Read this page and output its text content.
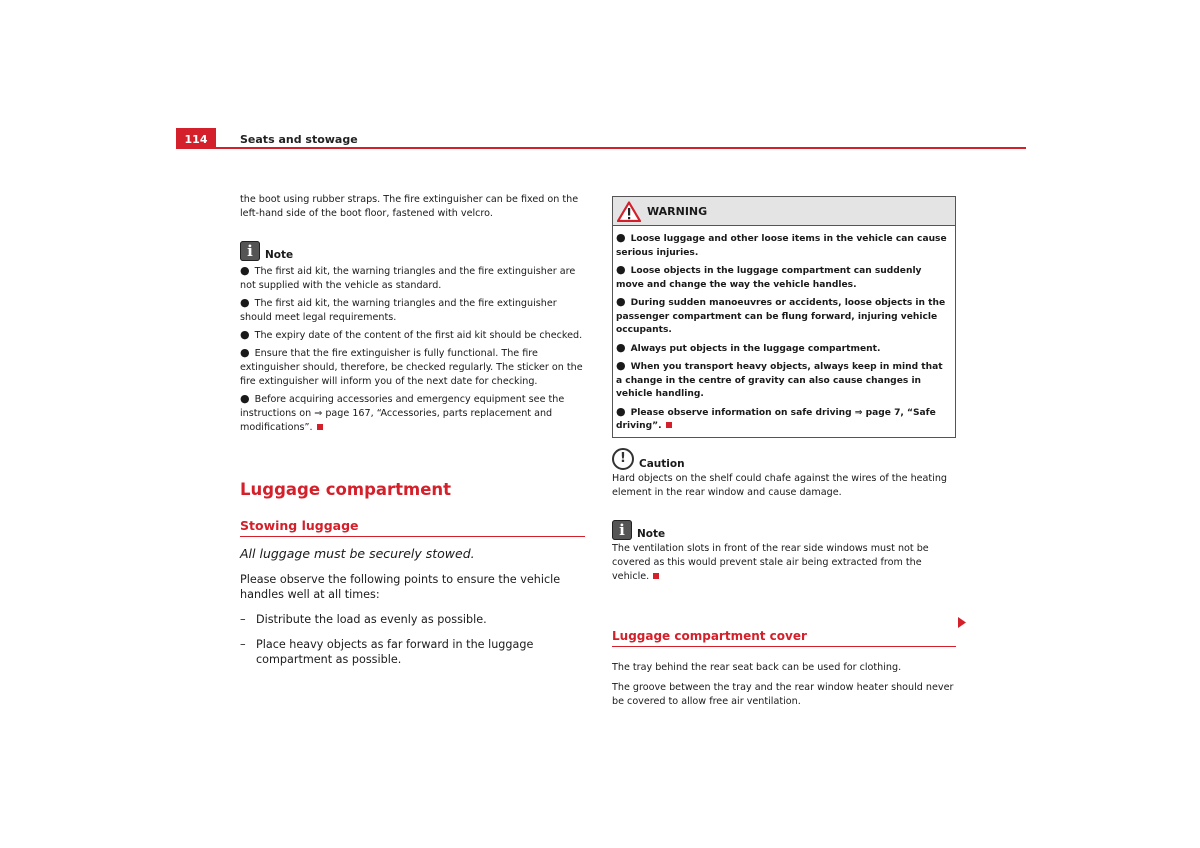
114	Seats and stowage

the boot using rubber straps. The fire extinguisher can be fixed on the left-hand side of the boot floor, fastened with velcro.

i	Note

● The first aid kit, the warning triangles and the fire extinguisher are not supplied with the vehicle as standard.

● The first aid kit, the warning triangles and the fire extinguisher should meet legal requirements.

● The expiry date of the content of the first aid kit should be checked.

● Ensure that the fire extinguisher is fully functional. The fire extinguisher should, therefore, be checked regularly. The sticker on the fire extinguisher will inform you of the next date for checking.

● Before acquiring accessories and emergency equipment see the instructions on ⇒ page 167, “Accessories, parts replacement and modifications”.

Luggage compartment
Stowing luggage

All luggage must be securely stowed.

Please observe the following points to ensure the vehicle handles well at all times:

– Distribute the load as evenly as possible.
– Place heavy objects as far forward in the luggage compartment as possible.
WARNING

● Loose luggage and other loose items in the vehicle can cause serious injuries.

● Loose objects in the luggage compartment can suddenly move and change the way the vehicle handles.

● During sudden manoeuvres or accidents, loose objects in the passenger compartment can be flung forward, injuring vehicle occupants.

● Always put objects in the luggage compartment.

● When you transport heavy objects, always keep in mind that a change in the centre of gravity can also cause changes in vehicle handling.

● Please observe information on safe driving ⇒ page 7, “Safe driving”.

!	Caution

Hard objects on the shelf could chafe against the wires of the heating element in the rear window and cause damage.

i	Note

The ventilation slots in front of the rear side windows must not be covered as this would prevent stale air being extracted from the vehicle.

Luggage compartment cover

The tray behind the rear seat back can be used for clothing.

The groove between the tray and the rear window heater should never be covered to allow free air ventilation.
